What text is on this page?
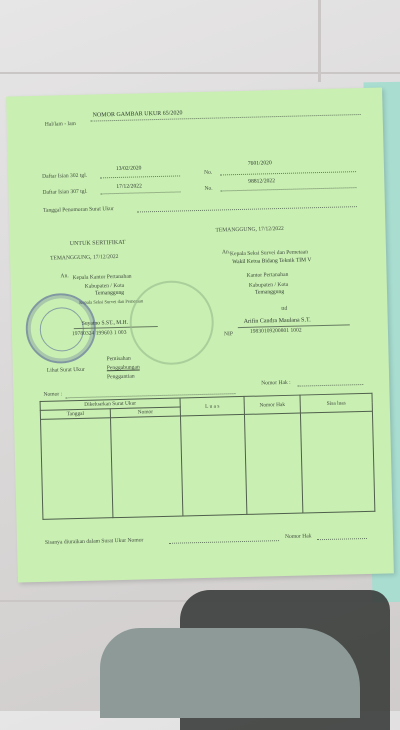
Hal/lam - lam
NOMOR GAMBAR UKUR 65/2020
Daftar Isian 302 tgl.
13/02/2020
No.
7601/2020
Daftar Isian 307 tgl.
17/12/2022	No.
98812/2022
Tanggal Penomoran Surat Ukur
UNTUK SERTIFIKAT
TEMANGGUNG, 17/12/2022
An. Kepala Kantor Pertanahan
Kabupaten / Kota
Temanggung
Kepala Seksi Survei dan Pemetaan
Suyatno S.ST., M.H.
19780324 199603 1 003
TEMANGGUNG, 17/12/2022
An. Kepala Seksi Survei dan Pemetaan
Wakil Ketua Bidang Teknik TIM V
Kantor Pertanahan
Kabupaten / Kota
Temanggung
ttd
Arifin Candra Maulana S.T.
NIP	19830109200801 1002
Lihat Surat Ukur
Pemisahan
Penggabungan
Penggantian
Nomor :
Nomor Hak :
Dikeluarkan Surat Ukur		L u a s	Nomor Hak	Sisa luas
Tanggal	Nomor			

Sisanya diuraikan dalam Surat Ukur Nomor
Nomor Hak
